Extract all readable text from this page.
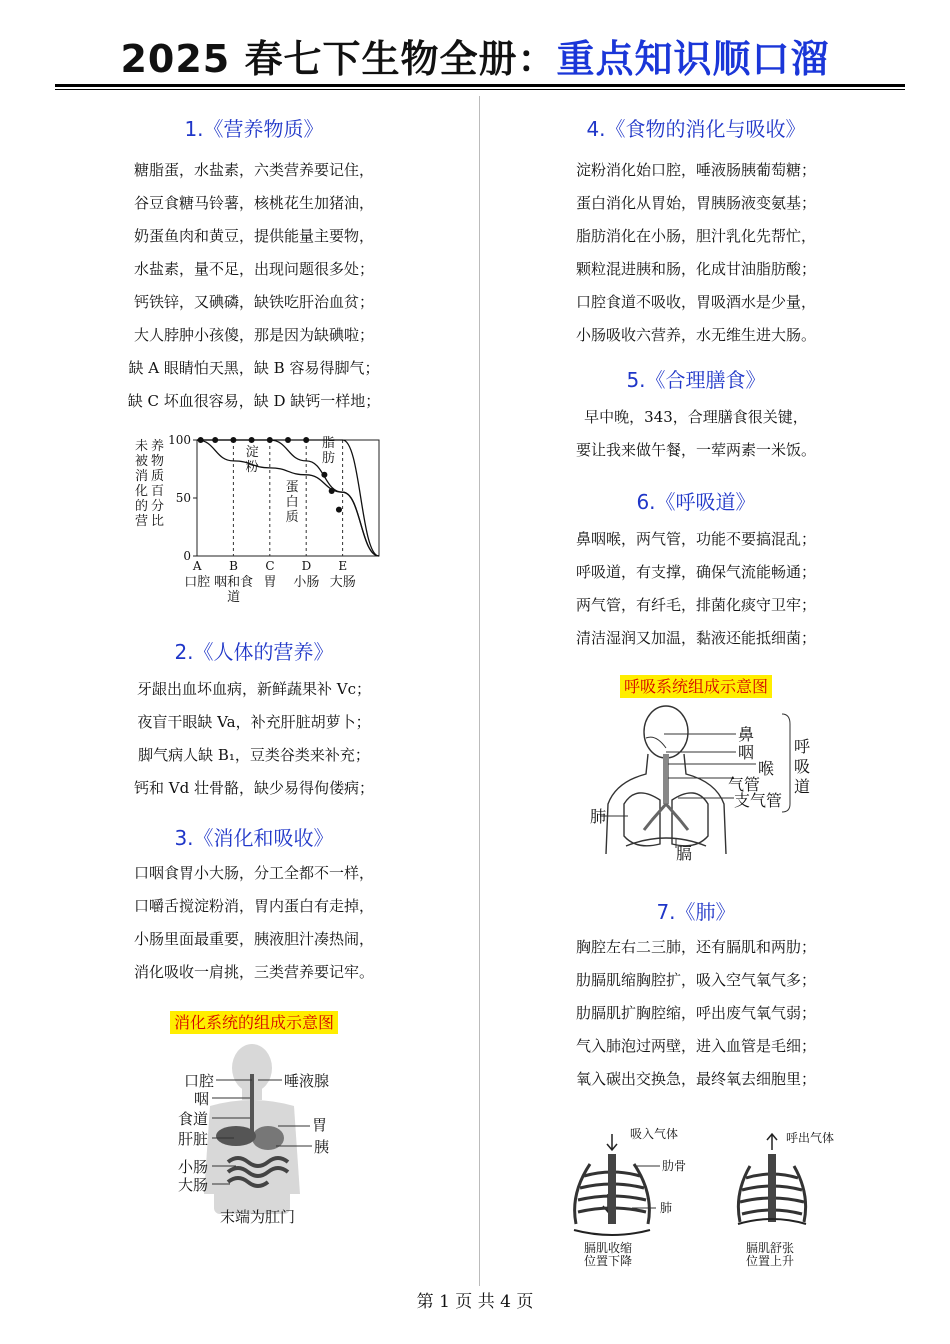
2025 春七下生物全册：重点知识顺口溜
1.《营养物质》
糖脂蛋，水盐素，六类营养要记住，
谷豆食糖马铃薯，核桃花生加猪油，
奶蛋鱼肉和黄豆，提供能量主要物，
水盐素，量不足，出现问题很多处；
钙铁锌，又碘磷，缺铁吃肝治血贫；
大人脖肿小孩傻，那是因为缺碘啦；
缺 A 眼睛怕天黑，缺 B 容易得脚气；
缺 C 坏血很容易，缺 D 缺钙一样地；
未被消化的营
养物质百分比
0
50
100
A
口腔
B
咽和食道
C
胃
D
小肠
E
大肠
淀粉
蛋白质
脂肪
2.《人体的营养》
牙龈出血坏血病，新鲜蔬果补 Vc；
夜盲干眼缺 Va，补充肝脏胡萝卜；
脚气病人缺 B₁，豆类谷类来补充；
钙和 Vd 壮骨骼，缺少易得佝偻病；
3.《消化和吸收》
口咽食胃小大肠，分工全都不一样，
口嚼舌搅淀粉消，胃内蛋白有走掉，
小肠里面最重要，胰液胆汁凑热闹，
消化吸收一肩挑，三类营养要记牢。
消化系统的组成示意图
口腔
咽
食道
肝脏
小肠
大肠
唾液腺
胃
胰
末端为肛门
4.《食物的消化与吸收》
淀粉消化始口腔，唾液肠胰葡萄糖；
蛋白消化从胃始，胃胰肠液变氨基；
脂肪消化在小肠，胆汁乳化先帮忙，
颗粒混进胰和肠，化成甘油脂肪酸；
口腔食道不吸收，胃吸酒水是少量，
小肠吸收六营养，水无维生进大肠。
5.《合理膳食》
早中晚，343，合理膳食很关键，
要让我来做午餐，一荤两素一米饭。
6.《呼吸道》
鼻咽喉，两气管，功能不要搞混乱；
呼吸道，有支撑，确保气流能畅通；
两气管，有纤毛，排菌化痰守卫牢；
清洁湿润又加温，黏液还能抵细菌；
呼吸系统组成示意图
鼻
咽
喉
气管
支气管
肺
膈
呼吸道
7.《肺》
胸腔左右二三肺，还有膈肌和两肋；
肋膈肌缩胸腔扩，吸入空气氧气多；
肋膈肌扩胸腔缩，呼出废气氧气弱；
气入肺泡过两壁，进入血管是毛细；
氧入碳出交换急，最终氧去细胞里；
吸入气体
肋骨
肺
膈肌收缩位置下降
呼出气体
膈肌舒张位置上升
第 1 页 共 4 页
